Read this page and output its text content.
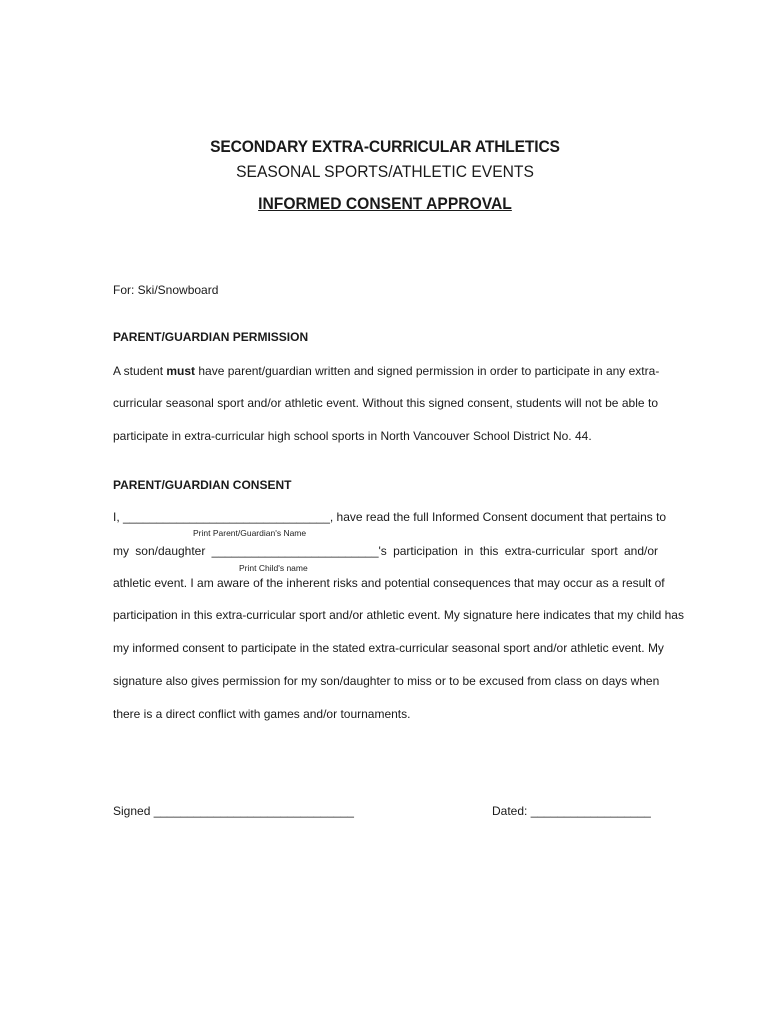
SECONDARY EXTRA-CURRICULAR ATHLETICS
SEASONAL SPORTS/ATHLETIC EVENTS
INFORMED CONSENT APPROVAL
For: Ski/Snowboard
PARENT/GUARDIAN PERMISSION
A student must have parent/guardian written and signed permission in order to participate in any extra-
curricular seasonal sport and/or athletic event. Without this signed consent, students will not be able to
participate in extra-curricular high school sports in North Vancouver School District No. 44.
PARENT/GUARDIAN CONSENT
I, _______________________________, have read the full Informed Consent document that pertains to
Print Parent/Guardian's Name
my son/daughter _________________________'s participation in this extra-curricular sport and/or
Print Child's name
athletic event. I am aware of the inherent risks and potential consequences that may occur as a result of
participation in this extra-curricular sport and/or athletic event. My signature here indicates that my child has
my informed consent to participate in the stated extra-curricular seasonal sport and/or athletic event. My
signature also gives permission for my son/daughter to miss or to be excused from class on days when
there is a direct conflict with games and/or tournaments.
Signed ______________________________	Dated: __________________
